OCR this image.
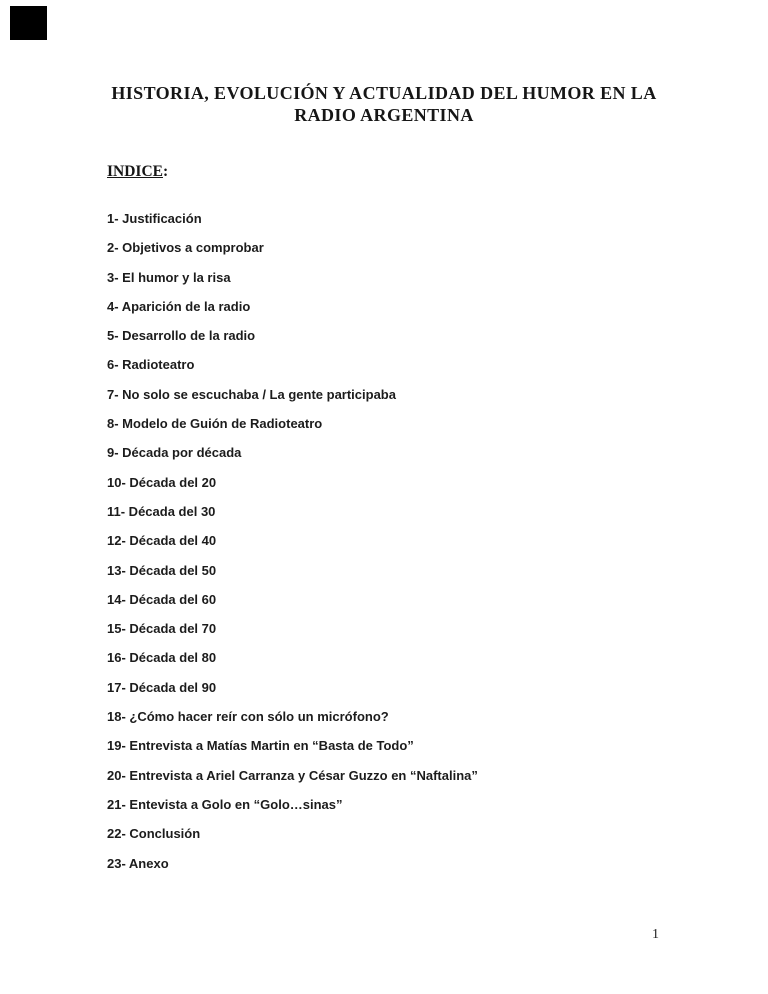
HISTORIA, EVOLUCIÓN Y ACTUALIDAD DEL HUMOR EN LA
RADIO ARGENTINA
INDICE:

1- Justificación

2- Objetivos a comprobar

3- El humor y la risa

4- Aparición de la radio

5- Desarrollo de la radio

6- Radioteatro

7- No solo se escuchaba / La gente participaba

8- Modelo de Guión de Radioteatro

9- Década por década

10- Década del 20

11- Década del 30

12- Década del 40

13- Década del 50

14- Década del 60

15- Década del 70

16- Década del 80

17- Década del 90

18- ¿Cómo hacer reír con sólo un micrófono?

19- Entrevista a Matías Martin en “Basta de Todo”

20- Entrevista a Ariel Carranza y César Guzzo en “Naftalina”

21- Entevista a Golo en “Golo…sinas”

22- Conclusión

23- Anexo

1
